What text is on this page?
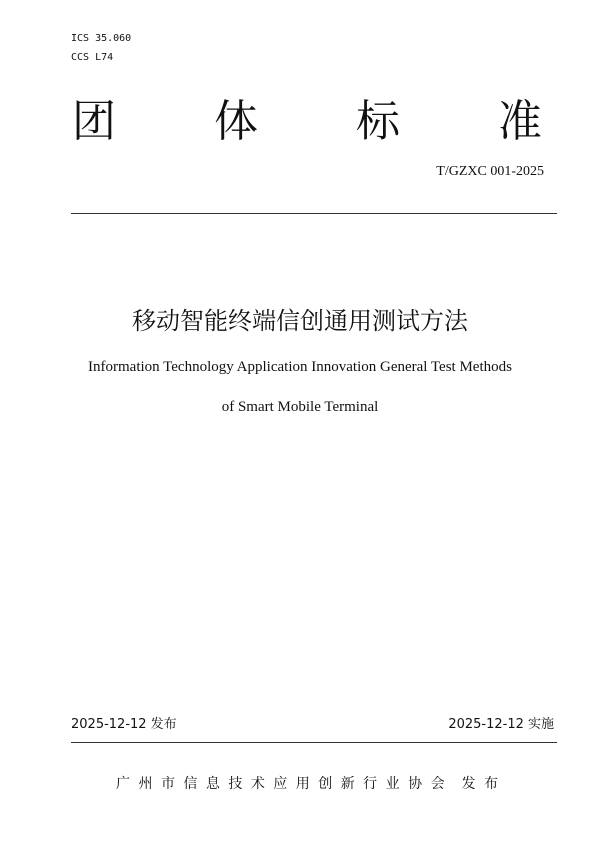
ICS 35.060
CCS L74
团 体 标 准
T/GZXC 001-2025
移动智能终端信创通用测试方法
Information Technology Application Innovation General Test Methods
of Smart Mobile Terminal
2025-12-12 发布	2025-12-12 实施
广 州 市 信 息 技 术 应 用 创 新 行 业 协 会 发 布
